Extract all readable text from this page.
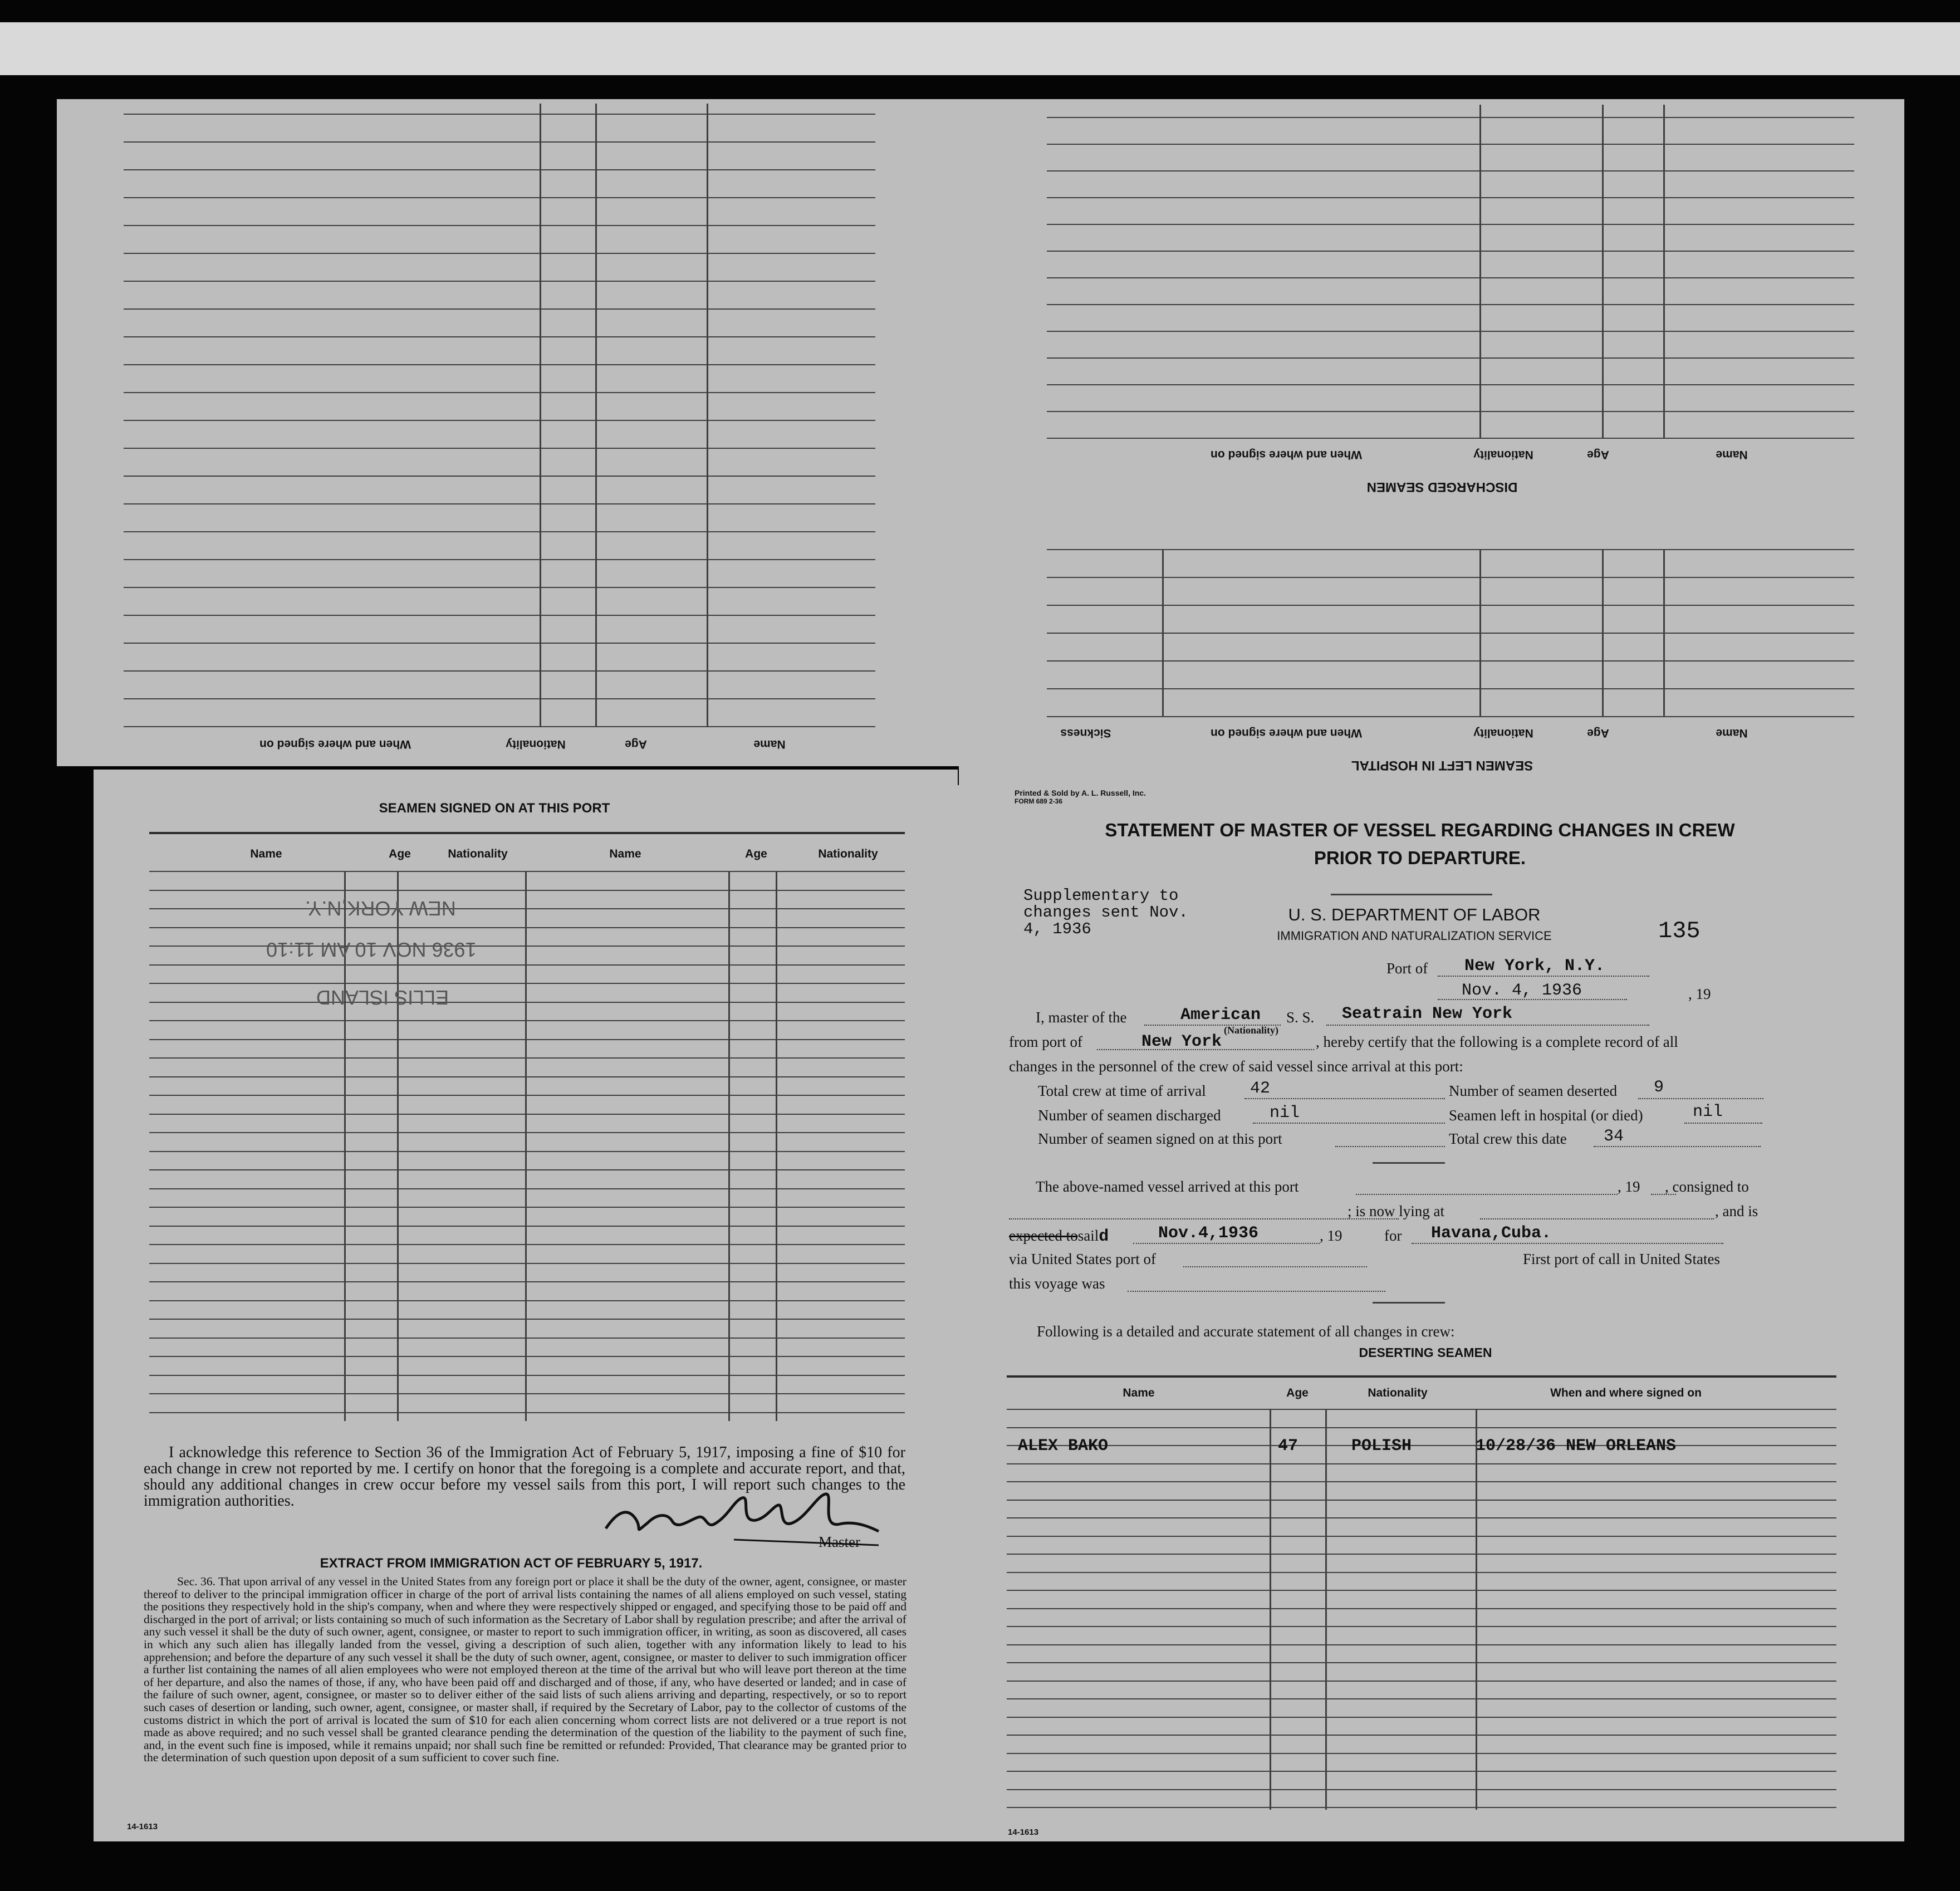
When and where signed on	Nationality	Age	Name
SEAMEN LEFT IN HOSPITAL
Sickness	When and where signed on	Nationality	Age	Name
DISCHARGED SEAMEN
When and where signed on	Nationality	Age	Name
SEAMEN SIGNED ON AT THIS PORT
Name	Age	Nationality	Name	Age	Nationality
NEW YORK,N.Y.
1936 NOV 10 AM 11:10
ELLIS ISLAND
I acknowledge this reference to Section 36 of the Immigration Act of February 5, 1917, imposing a fine of $10 for each change in crew not reported by me. I certify on honor that the foregoing is a complete and accurate report, and that, should any additional changes in crew occur before my vessel sails from this port, I will report such changes to the immigration authorities.
Master
EXTRACT FROM IMMIGRATION ACT OF FEBRUARY 5, 1917.
Sec. 36. That upon arrival of any vessel in the United States from any foreign port or place it shall be the duty of the owner, agent, consignee, or master thereof to deliver to the principal immigration officer in charge of the port of arrival lists containing the names of all aliens employed on such vessel, stating the positions they respectively hold in the ship's company, when and where they were respectively shipped or engaged, and specifying those to be paid off and discharged in the port of arrival; or lists containing so much of such information as the Secretary of Labor shall by regulation prescribe; and after the arrival of any such vessel it shall be the duty of such owner, agent, consignee, or master to report to such immigration officer, in writing, as soon as discovered, all cases in which any such alien has illegally landed from the vessel, giving a description of such alien, together with any information likely to lead to his apprehension; and before the departure of any such vessel it shall be the duty of such owner, agent, consignee, or master to deliver to such immigration officer a further list containing the names of all alien employees who were not employed thereon at the time of the arrival but who will leave port thereon at the time of her departure, and also the names of those, if any, who have been paid off and discharged and of those, if any, who have deserted or landed; and in case of the failure of such owner, agent, consignee, or master so to deliver either of the said lists of such aliens arriving and departing, respectively, or so to report such cases of desertion or landing, such owner, agent, consignee, or master shall, if required by the Secretary of Labor, pay to the collector of customs of the customs district in which the port of arrival is located the sum of $10 for each alien concerning whom correct lists are not delivered or a true report is not made as above required; and no such vessel shall be granted clearance pending the determination of the question of the liability to the payment of such fine, and, in the event such fine is imposed, while it remains unpaid; nor shall such fine be remitted or refunded: Provided, That clearance may be granted prior to the determination of such question upon deposit of a sum sufficient to cover such fine.
14-1613
Printed & Sold by A. L. Russell, Inc.
FORM 689 2-36
STATEMENT OF MASTER OF VESSEL REGARDING CHANGES IN CREW
PRIOR TO DEPARTURE.
Supplementary to
changes sent Nov.
4, 1936
U. S. DEPARTMENT OF LABOR
IMMIGRATION AND NATURALIZATION SERVICE	135
Port of New York, N.Y.
Nov. 4, 1936	, 19
I, master of the	American S. S. Seatrain New York
from port of	New York
(Nationality)
, hereby certify that the following is a complete record of all
changes in the personnel of the crew of said vessel since arrival at this port:
Total crew at time of arrival	42	Number of seamen deserted 9
Number of seamen discharged	nil	Seamen left in hospital (or died)	nil
Number of seamen signed on at this port	Total crew this date 34
The above-named vessel arrived at this port	, 19 , consigned to
; is now lying at	, and is
expected tosaild	Nov.4,1936	, 19	for Havana,Cuba.
via United States port of	First port of call in United States
this voyage was
Following is a detailed and accurate statement of all changes in crew:
DESERTING SEAMEN
Name	Age	Nationality	When and where signed on
ALEX BAKO	47	POLISH	10/28/36 NEW ORLEANS
14-1613
